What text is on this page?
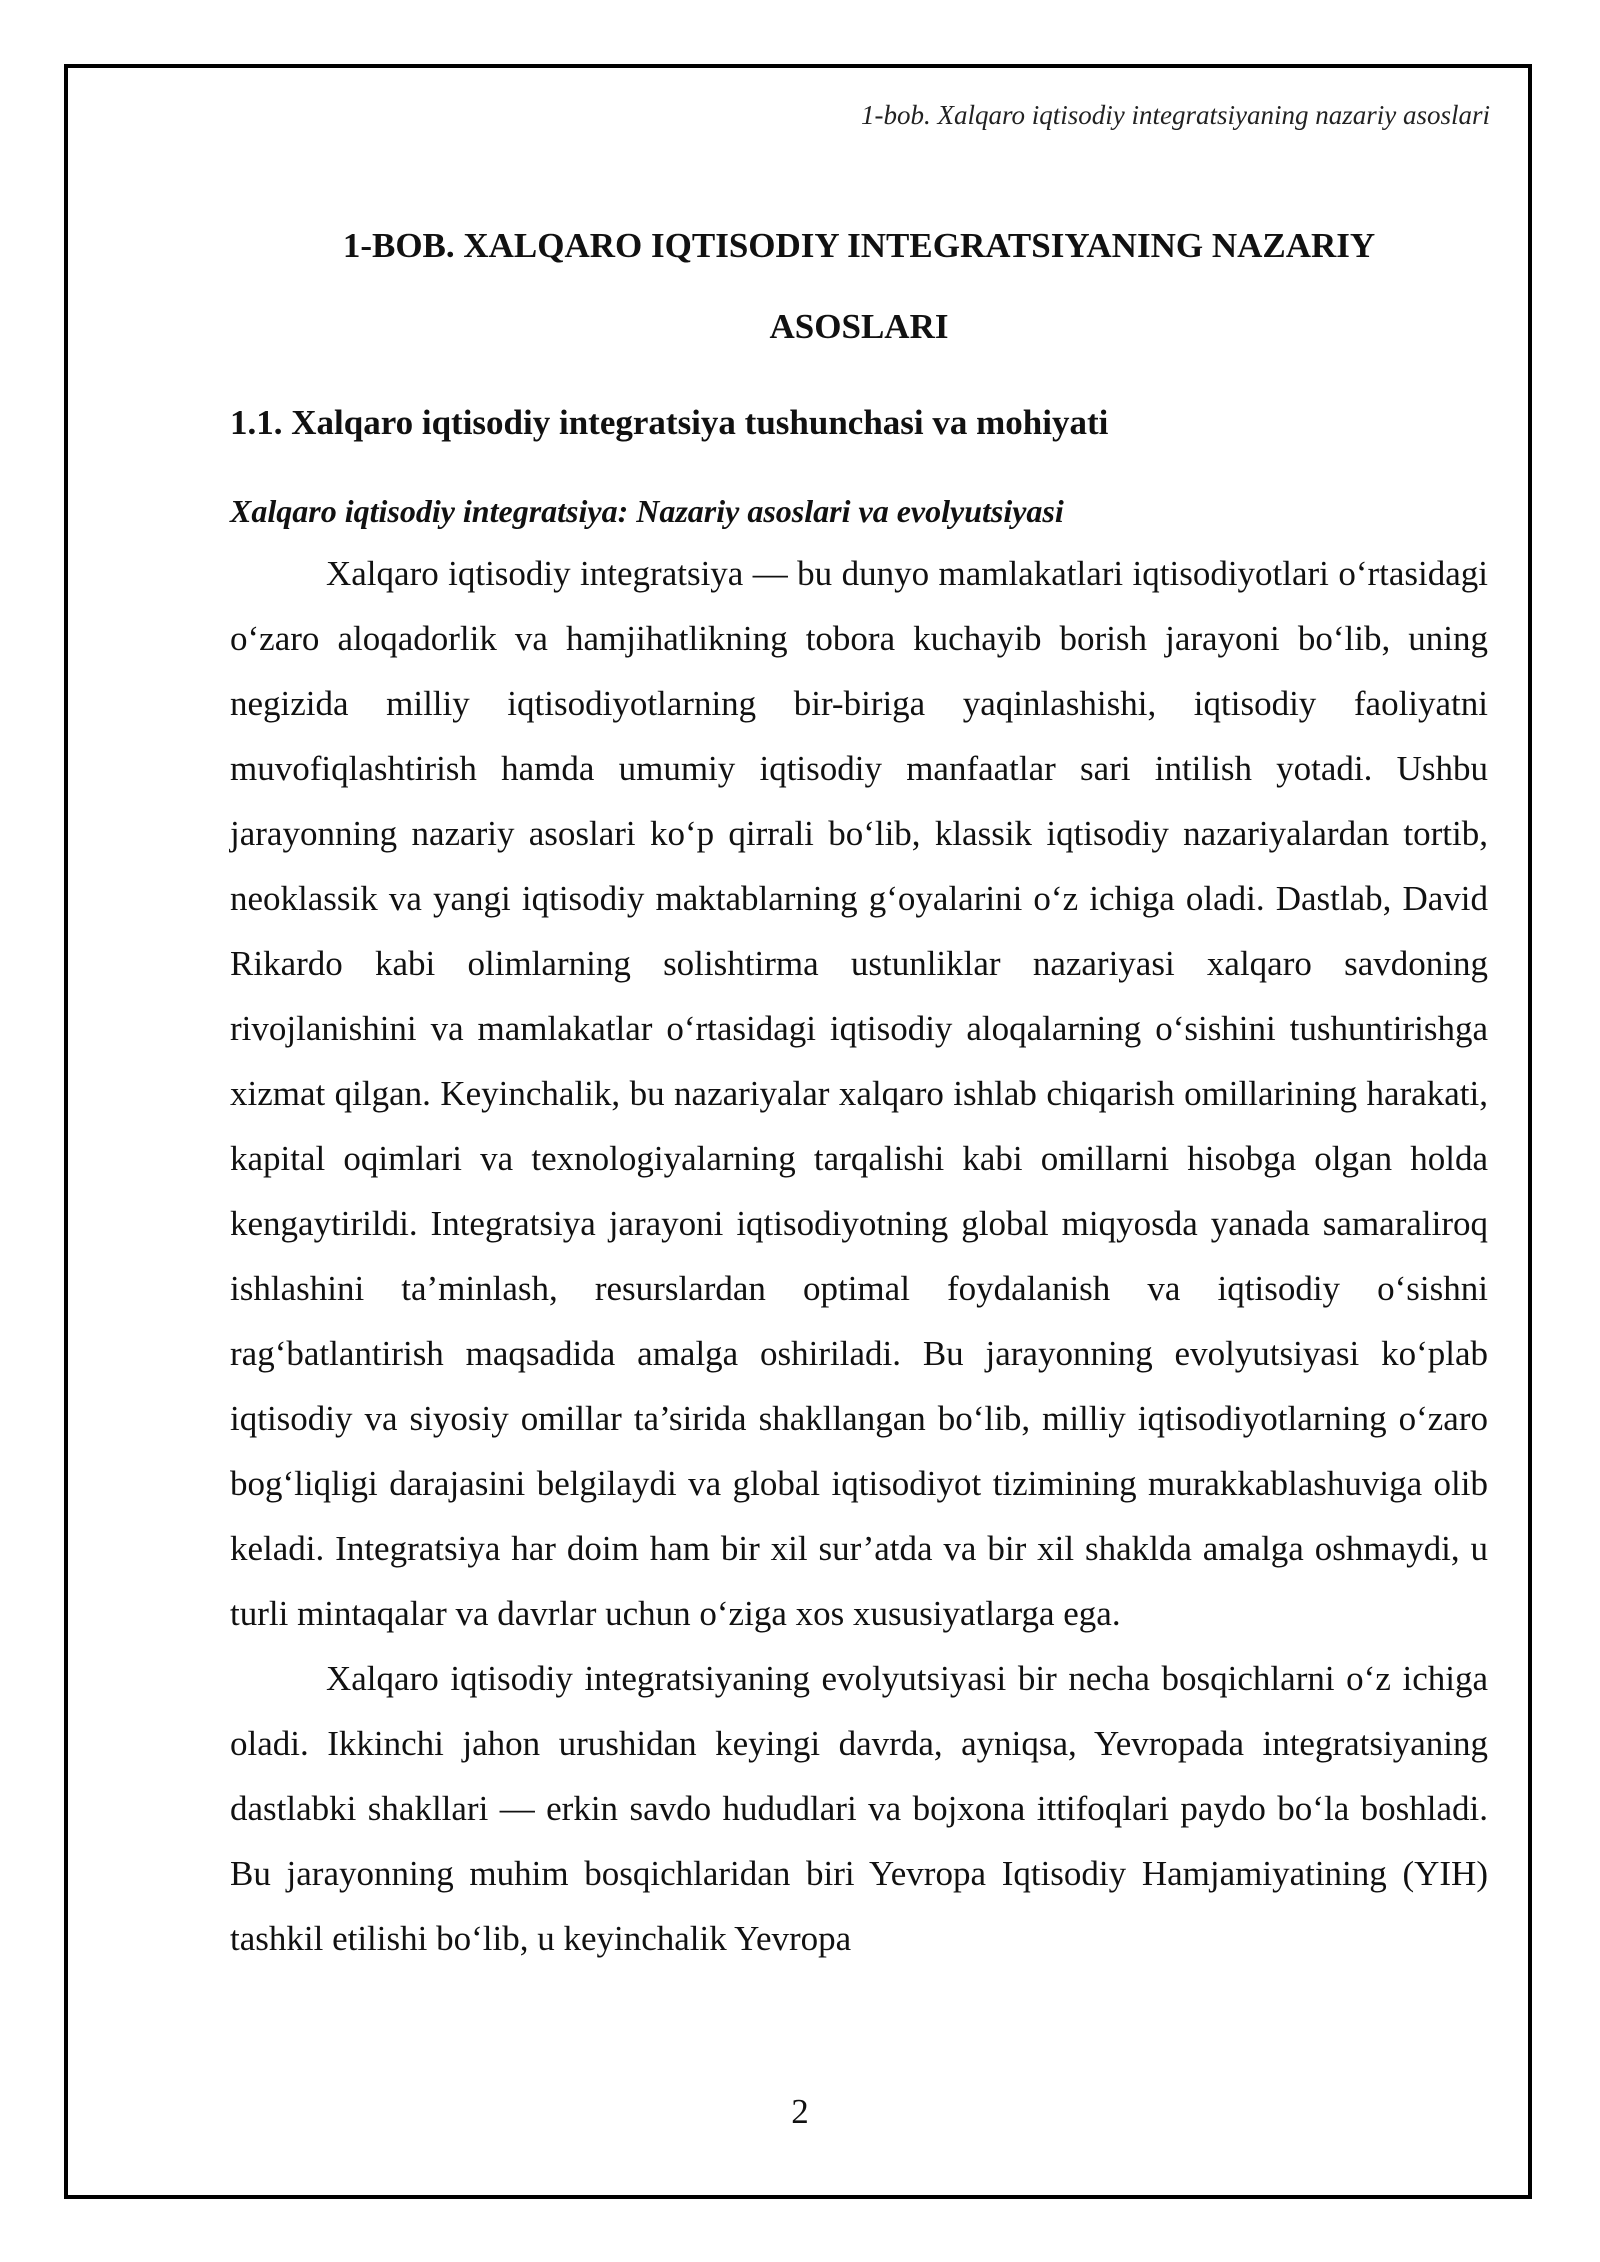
1-bob. Xalqaro iqtisodiy integratsiyaning nazariy asoslari
1-BOB. XALQARO IQTISODIY INTEGRATSIYANING NAZARIY ASOSLARI
1.1. Xalqaro iqtisodiy integratsiya tushunchasi va mohiyati
Xalqaro iqtisodiy integratsiya: Nazariy asoslari va evolyutsiyasi

Xalqaro iqtisodiy integratsiya — bu dunyo mamlakatlari iqtisodiyotlari o‘rtasidagi o‘zaro aloqadorlik va hamjihatlikning tobora kuchayib borish jarayoni bo‘lib, uning negizida milliy iqtisodiyotlarning bir-biriga yaqinlashishi, iqtisodiy faoliyatni muvofiqlashtirish hamda umumiy iqtisodiy manfaatlar sari intilish yotadi. Ushbu jarayonning nazariy asoslari ko‘p qirrali bo‘lib, klassik iqtisodiy nazariyalardan tortib, neoklassik va yangi iqtisodiy maktablarning g‘oyalarini o‘z ichiga oladi. Dastlab, David Rikardo kabi olimlarning solishtirma ustunliklar nazariyasi xalqaro savdoning rivojlanishini va mamlakatlar o‘rtasidagi iqtisodiy aloqalarning o‘sishini tushuntirishga xizmat qilgan. Keyinchalik, bu nazariyalar xalqaro ishlab chiqarish omillarining harakati, kapital oqimlari va texnologiyalarning tarqalishi kabi omillarni hisobga olgan holda kengaytirildi. Integratsiya jarayoni iqtisodiyotning global miqyosda yanada samaraliroq ishlashini ta’minlash, resurslardan optimal foydalanish va iqtisodiy o‘sishni rag‘batlantirish maqsadida amalga oshiriladi. Bu jarayonning evolyutsiyasi ko‘plab iqtisodiy va siyosiy omillar ta’sirida shakllangan bo‘lib, milliy iqtisodiyotlarning o‘zaro bog‘liqligi darajasini belgilaydi va global iqtisodiyot tizimining murakkablashuviga olib keladi. Integratsiya har doim ham bir xil sur’atda va bir xil shaklda amalga oshmaydi, u turli mintaqalar va davrlar uchun o‘ziga xos xususiyatlarga ega.

Xalqaro iqtisodiy integratsiyaning evolyutsiyasi bir necha bosqichlarni o‘z ichiga oladi. Ikkinchi jahon urushidan keyingi davrda, ayniqsa, Yevropada integratsiyaning dastlabki shakllari — erkin savdo hududlari va bojxona ittifoqlari paydo bo‘la boshladi. Bu jarayonning muhim bosqichlaridan biri Yevropa Iqtisodiy Hamjamiyatining (YIH) tashkil etilishi bo‘lib, u keyinchalik Yevropa

2
